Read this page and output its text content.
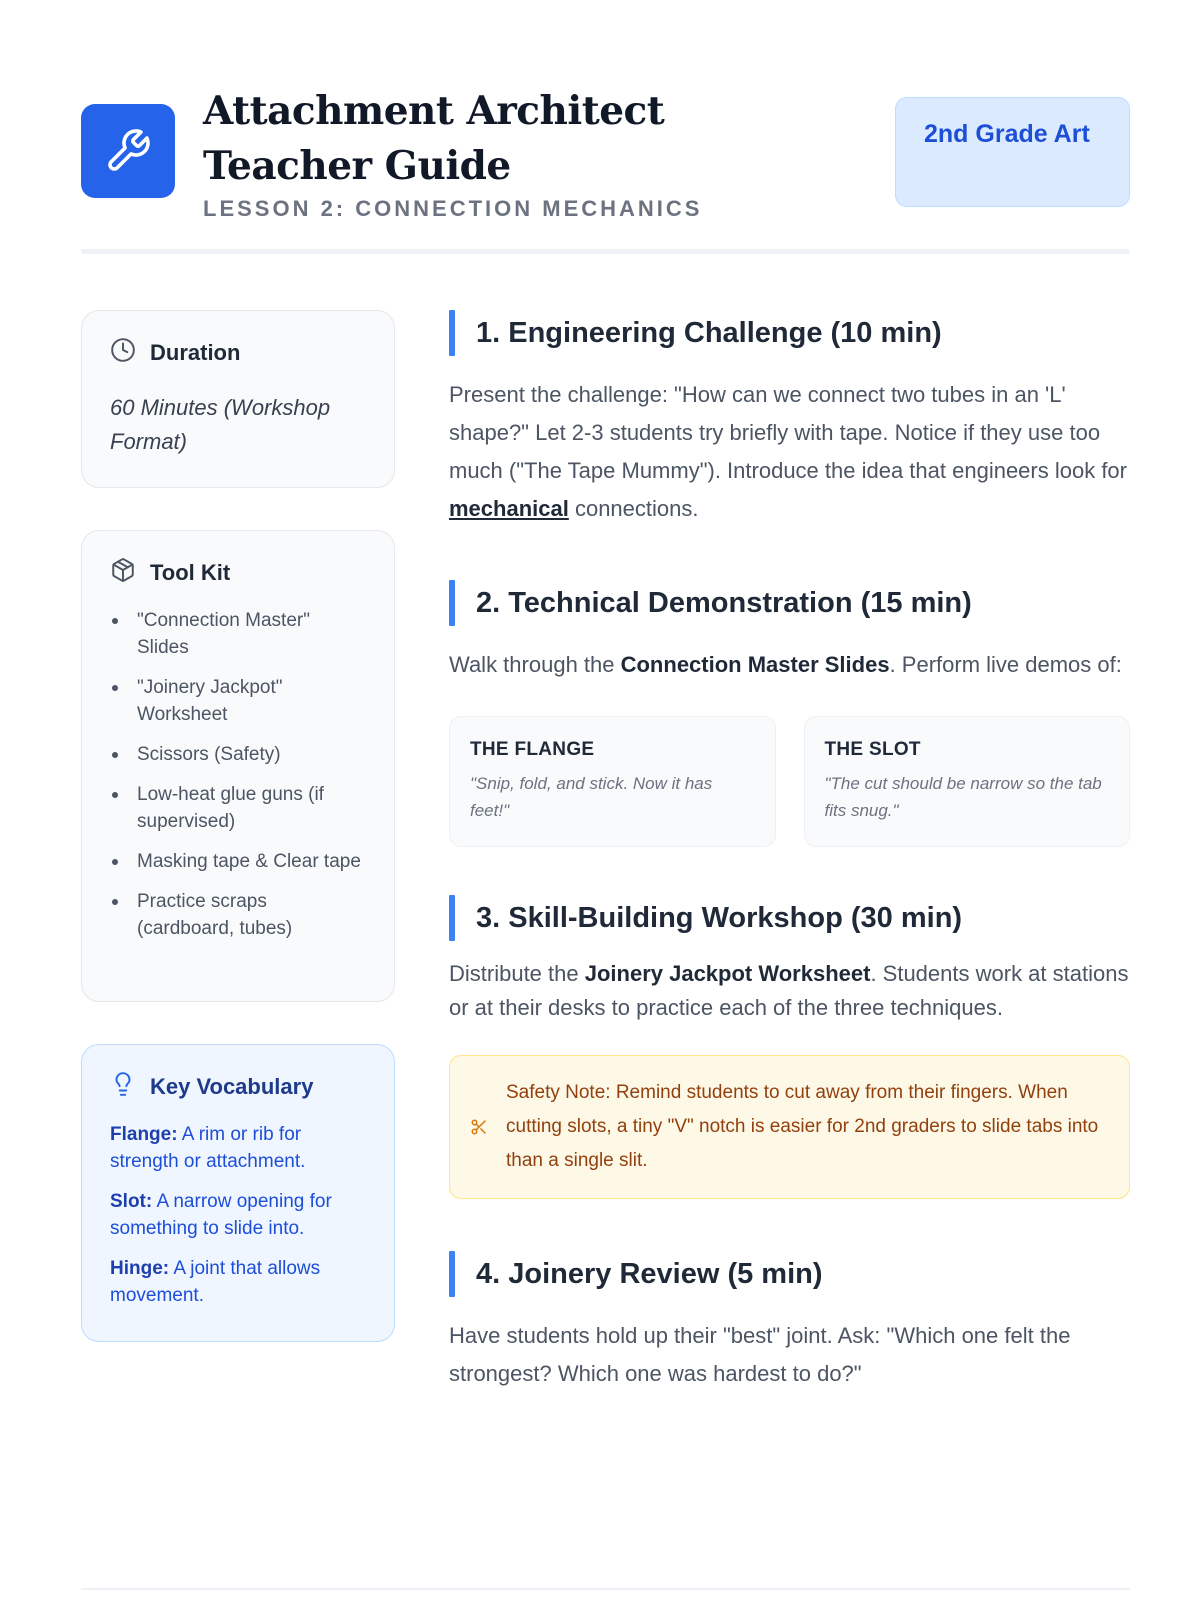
Attachment Architect Teacher Guide
LESSON 2: CONNECTION MECHANICS
2nd Grade Art
Duration
60 Minutes (Workshop Format)
Tool Kit
"Connection Master" Slides
"Joinery Jackpot" Worksheet
Scissors (Safety)
Low-heat glue guns (if supervised)
Masking tape & Clear tape
Practice scraps (cardboard, tubes)
Key Vocabulary
Flange: A rim or rib for strength or attachment.
Slot: A narrow opening for something to slide into.
Hinge: A joint that allows movement.
1. Engineering Challenge (10 min)

Present the challenge: "How can we connect two tubes in an 'L' shape?" Let 2-3 students try briefly with tape. Notice if they use too much ("The Tape Mummy"). Introduce the idea that engineers look for mechanical connections.

2. Technical Demonstration (15 min)

Walk through the Connection Master Slides. Perform live demos of:

THE FLANGE
"Snip, fold, and stick. Now it has feet!"
THE SLOT
"The cut should be narrow so the tab fits snug."
3. Skill-Building Workshop (30 min)

Distribute the Joinery Jackpot Worksheet. Students work at stations or at their desks to practice each of the three techniques.

Safety Note: Remind students to cut away from their fingers. When cutting slots, a tiny "V" notch is easier for 2nd graders to slide tabs into than a single slit.
4. Joinery Review (5 min)

Have students hold up their "best" joint. Ask: "Which one felt the strongest? Which one was hardest to do?"
